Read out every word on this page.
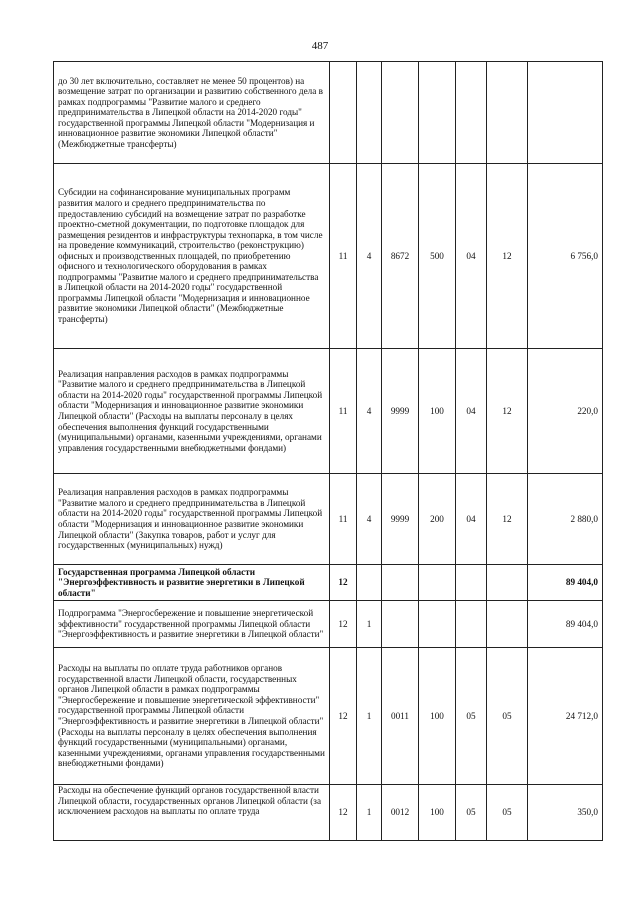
487
до 30 лет включительно, составляет не менее 50 процентов) на возмещение затрат по организации и развитию собственного дела в рамках подпрограммы "Развитие малого и среднего предпринимательства в Липецкой области на 2014-2020 годы" государственной программы Липецкой области "Модернизация и инновационное развитие экономики Липецкой области" (Межбюджетные трансферты)							
Субсидии на софинансирование муниципальных программ развития малого и среднего предпринимательства по предоставлению субсидий на возмещение затрат по разработке проектно-сметной документации, по подготовке площадок для размещения резидентов и инфраструктуры технопарка, в том числе на проведение коммуникаций, строительство (реконструкцию) офисных и производственных площадей, по приобретению офисного и технологического оборудования в рамках подпрограммы "Развитие малого и среднего предпринимательства в Липецкой области на 2014-2020 годы" государственной программы Липецкой области "Модернизация и инновационное развитие экономики Липецкой области" (Межбюджетные трансферты)	11	4	8672	500	04	12	6 756,0
Реализация направления расходов в рамках подпрограммы "Развитие малого и среднего предпринимательства в Липецкой области на 2014-2020 годы" государственной программы Липецкой области "Модернизация и инновационное развитие экономики Липецкой области" (Расходы на выплаты персоналу в целях обеспечения выполнения функций государственными (муниципальными) органами, казенными учреждениями, органами управления государственными внебюджетными фондами)	11	4	9999	100	04	12	220,0
Реализация направления расходов в рамках подпрограммы "Развитие малого и среднего предпринимательства в Липецкой области на 2014-2020 годы" государственной программы Липецкой области "Модернизация и инновационное развитие экономики Липецкой области" (Закупка товаров, работ и услуг для государственных (муниципальных) нужд)	11	4	9999	200	04	12	2 880,0
Государственная программа Липецкой области "Энергоэффективность и развитие энергетики в Липецкой области"	12						89 404,0
Подпрограмма "Энергосбережение и повышение энергетической эффективности" государственной программы Липецкой области "Энергоэффективность и развитие энергетики в Липецкой области"	12	1					89 404,0
Расходы на выплаты по оплате труда работников органов государственной власти Липецкой области, государственных органов Липецкой области в рамках подпрограммы "Энергосбережение и повышение энергетической эффективности" государственной программы Липецкой области "Энергоэффективность и развитие энергетики в Липецкой области" (Расходы на выплаты персоналу в целях обеспечения выполнения функций государственными (муниципальными) органами, казенными учреждениями, органами управления государственными внебюджетными фондами)	12	1	0011	100	05	05	24 712,0
Расходы на обеспечение функций органов государственной власти Липецкой области, государственных органов Липецкой области (за исключением расходов на выплаты по оплате труда	12	1	0012	100	05	05	350,0
